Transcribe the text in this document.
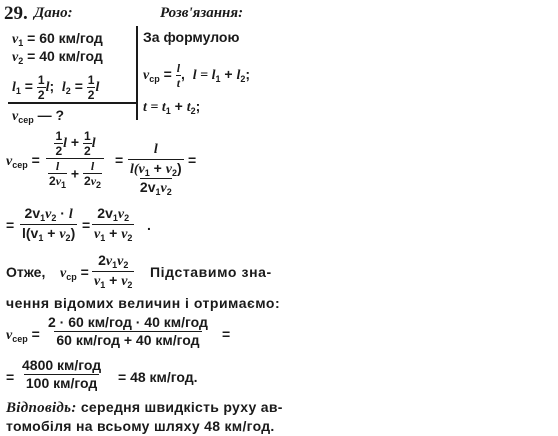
29. Дано:	Розв'язання:
$v_1 = 60$ км/год
$v_2 = 40$ км/год
$l_1 = \frac{1}{2} l$;  $l_2 = \frac{1}{2}$ l
$v_{сер}$ — ?
За формулою
$v_{ср} = \frac{l}{t}$ ,  $l = l_1 + l_2$;
$t = t_1 + t_2$;
$v_{сер} = \frac{\frac{1}{2} l + \frac{1}{2} l}{\frac{l}{2v_1} + \frac{l}{2v_2}} = l$
$l(v_1 + v_2)$
$2v_1v_2$ =
= $\frac{2v_1v_2 \cdot l}{l(v_1 + v_2)} = \frac{2v_1v_2}{v_1 + v_2}$ .
Отже, $v_{ср} = \frac{2v_1v_2}{v_1 + v_2}$ Підставимо зна-
чення відомих величин і отримаємо:
$v_{сер}$ =
2 · 60 км/год · 40 км/год
60 км/год + 40 км/год =
=
4800 км/год
100 км/год = 48 км/год.
Відповідь: середня швидкість руху ав-
томобіля на всьому шляху 48 км/год.
